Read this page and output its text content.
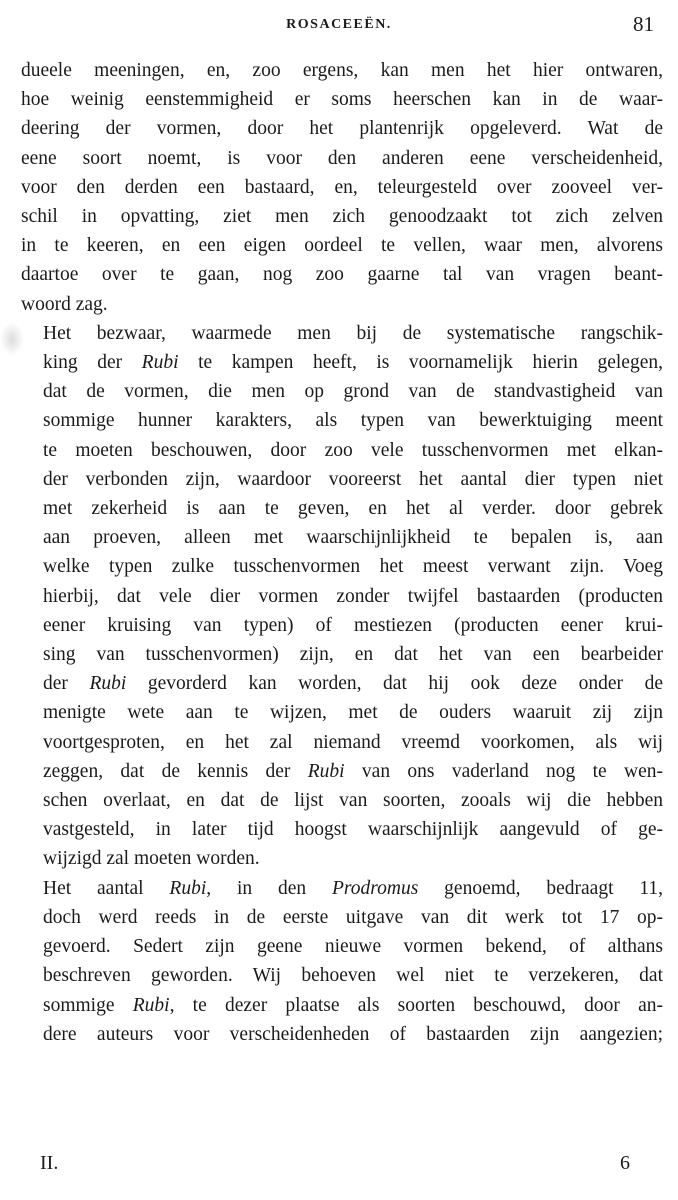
ROSACEEËN.	81
dueele meeningen, en, zoo ergens, kan men het hier ontwaren,
hoe weinig eenstemmigheid er soms heerschen kan in de waar-
deering der vormen, door het plantenrijk opgeleverd. Wat de
eene soort noemt, is voor den anderen eene verscheidenheid,
voor den derden een bastaard, en, teleurgesteld over zooveel ver-
schil in opvatting, ziet men zich genoodzaakt tot zich zelven
in te keeren, en een eigen oordeel te vellen, waar men, alvorens
daartoe over te gaan, nog zoo gaarne tal van vragen beant-
woord zag.
Het bezwaar, waarmede men bij de systematische rangschik-
king der Rubi te kampen heeft, is voornamelijk hierin gelegen,
dat de vormen, die men op grond van de standvastigheid van
sommige hunner karakters, als typen van bewerktuiging meent
te moeten beschouwen, door zoo vele tusschenvormen met elkan-
der verbonden zijn, waardoor vooreerst het aantal dier typen niet
met zekerheid is aan te geven, en het al verder. door gebrek
aan proeven, alleen met waarschijnlijkheid te bepalen is, aan
welke typen zulke tusschenvormen het meest verwant zijn. Voeg
hierbij, dat vele dier vormen zonder twijfel bastaarden (producten
eener kruising van typen) of mestiezen (producten eener krui-
sing van tusschenvormen) zijn, en dat het van een bearbeider
der Rubi gevorderd kan worden, dat hij ook deze onder de
menigte wete aan te wijzen, met de ouders waaruit zij zijn
voortgesproten, en het zal niemand vreemd voorkomen, als wij
zeggen, dat de kennis der Rubi van ons vaderland nog te wen-
schen overlaat, en dat de lijst van soorten, zooals wij die hebben
vastgesteld, in later tijd hoogst waarschijnlijk aangevuld of ge-
wijzigd zal moeten worden.
Het aantal Rubi, in den Prodromus genoemd, bedraagt 11,
doch werd reeds in de eerste uitgave van dit werk tot 17 op-
gevoerd. Sedert zijn geene nieuwe vormen bekend, of althans
beschreven geworden. Wij behoeven wel niet te verzekeren, dat
sommige Rubi, te dezer plaatse als soorten beschouwd, door an-
dere auteurs voor verscheidenheden of bastaarden zijn aangezien;
II.	6
